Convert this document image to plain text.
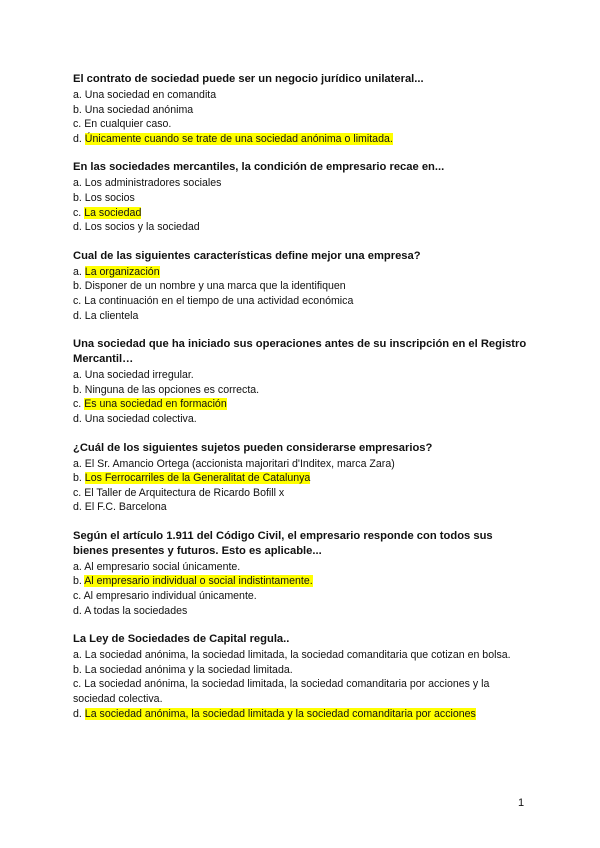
El contrato de sociedad puede ser un negocio jurídico unilateral...

a. Una sociedad en comandita

b. Una sociedad anónima

c. En cualquier caso.

d. Únicamente cuando se trate de una sociedad anónima o limitada.

En las sociedades mercantiles, la condición de empresario recae en...

a. Los administradores sociales

b. Los socios

c. La sociedad

d. Los socios y la sociedad

Cual de las siguientes características define mejor una empresa?

a. La organización

b. Disponer de un nombre y una marca que la identifiquen

c. La continuación en el tiempo de una actividad económica

d. La clientela

Una sociedad que ha iniciado sus operaciones antes de su inscripción en el Registro Mercantil…

a. Una sociedad irregular.

b. Ninguna de las opciones es correcta.

c. Es una sociedad en formación

d. Una sociedad colectiva.

¿Cuál de los siguientes sujetos pueden considerarse empresarios?

a. El Sr. Amancio Ortega (accionista majoritari d'Inditex, marca Zara)

b. Los Ferrocarriles de la Generalitat de Catalunya

c. El Taller de Arquitectura de Ricardo Bofill x

d. El F.C. Barcelona

Según el artículo 1.911 del Código Civil, el empresario responde con todos sus bienes presentes y futuros. Esto es aplicable...

a. Al empresario social únicamente.

b. Al empresario individual o social indistintamente.

c. Al empresario individual únicamente.

d. A todas la sociedades

La Ley de Sociedades de Capital regula..

a. La sociedad anónima, la sociedad limitada, la sociedad comanditaria que cotizan en bolsa.

b. La sociedad anónima y la sociedad limitada.

c. La sociedad anónima, la sociedad limitada, la sociedad comanditaria por acciones y la sociedad colectiva.

d. La sociedad anónima, la sociedad limitada y la sociedad comanditaria por acciones

1
